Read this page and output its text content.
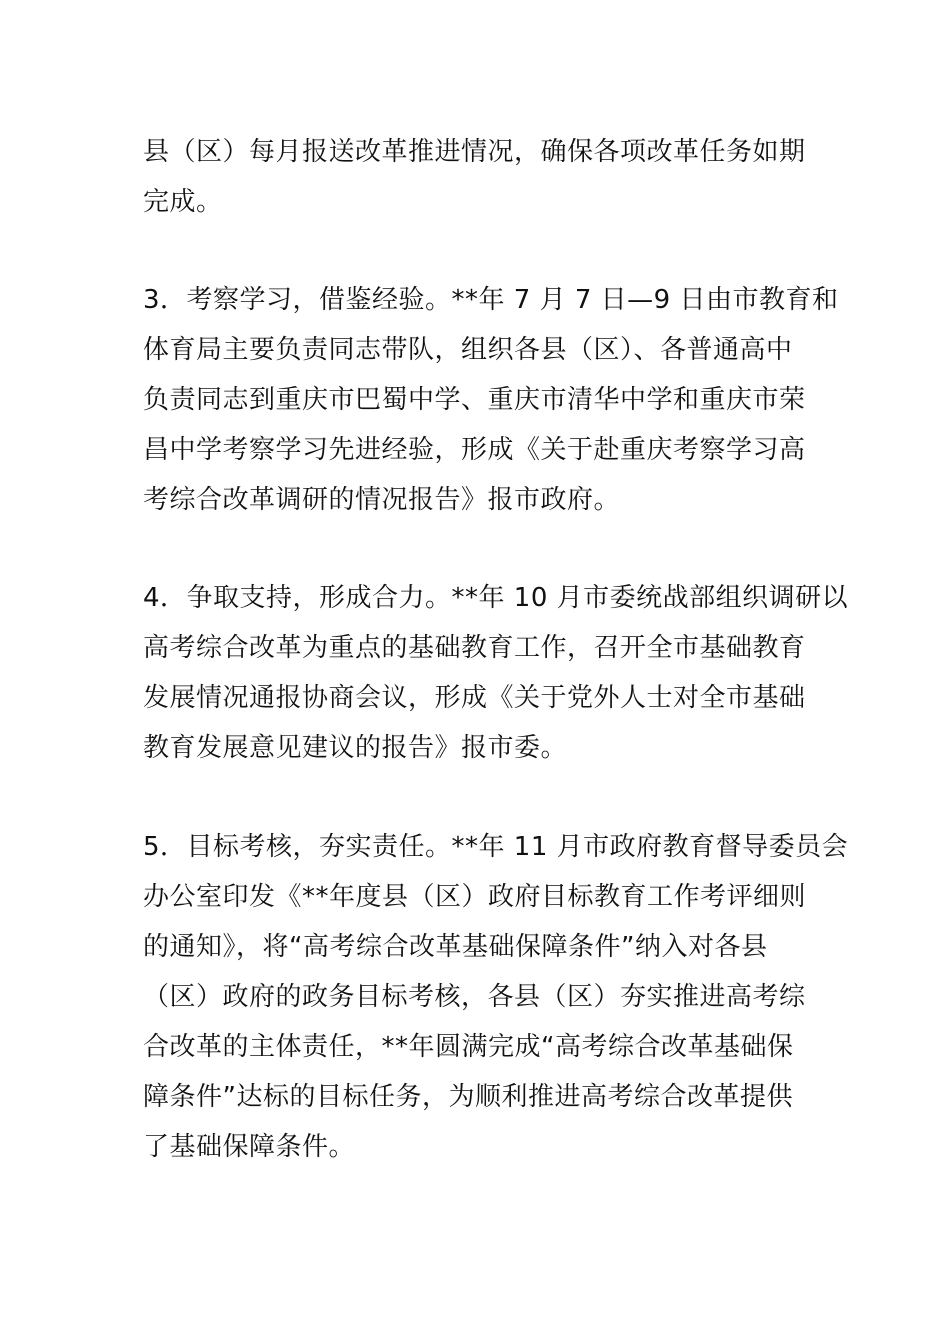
县（区）每月报送改革推进情况，确保各项改革任务如期
完成。
3．考察学习，借鉴经验。**年 7 月 7 日—9 日由市教育和
体育局主要负责同志带队，组织各县（区）、各普通高中
负责同志到重庆市巴蜀中学、重庆市清华中学和重庆市荣
昌中学考察学习先进经验，形成《关于赴重庆考察学习高
考综合改革调研的情况报告》报市政府。
4．争取支持，形成合力。**年 10 月市委统战部组织调研以
高考综合改革为重点的基础教育工作，召开全市基础教育
发展情况通报协商会议，形成《关于党外人士对全市基础
教育发展意见建议的报告》报市委。
5．目标考核，夯实责任。**年 11 月市政府教育督导委员会
办公室印发《**年度县（区）政府目标教育工作考评细则
的通知》，将“高考综合改革基础保障条件”纳入对各县
（区）政府的政务目标考核，各县（区）夯实推进高考综
合改革的主体责任，**年圆满完成“高考综合改革基础保
障条件”达标的目标任务，为顺利推进高考综合改革提供
了基础保障条件。
